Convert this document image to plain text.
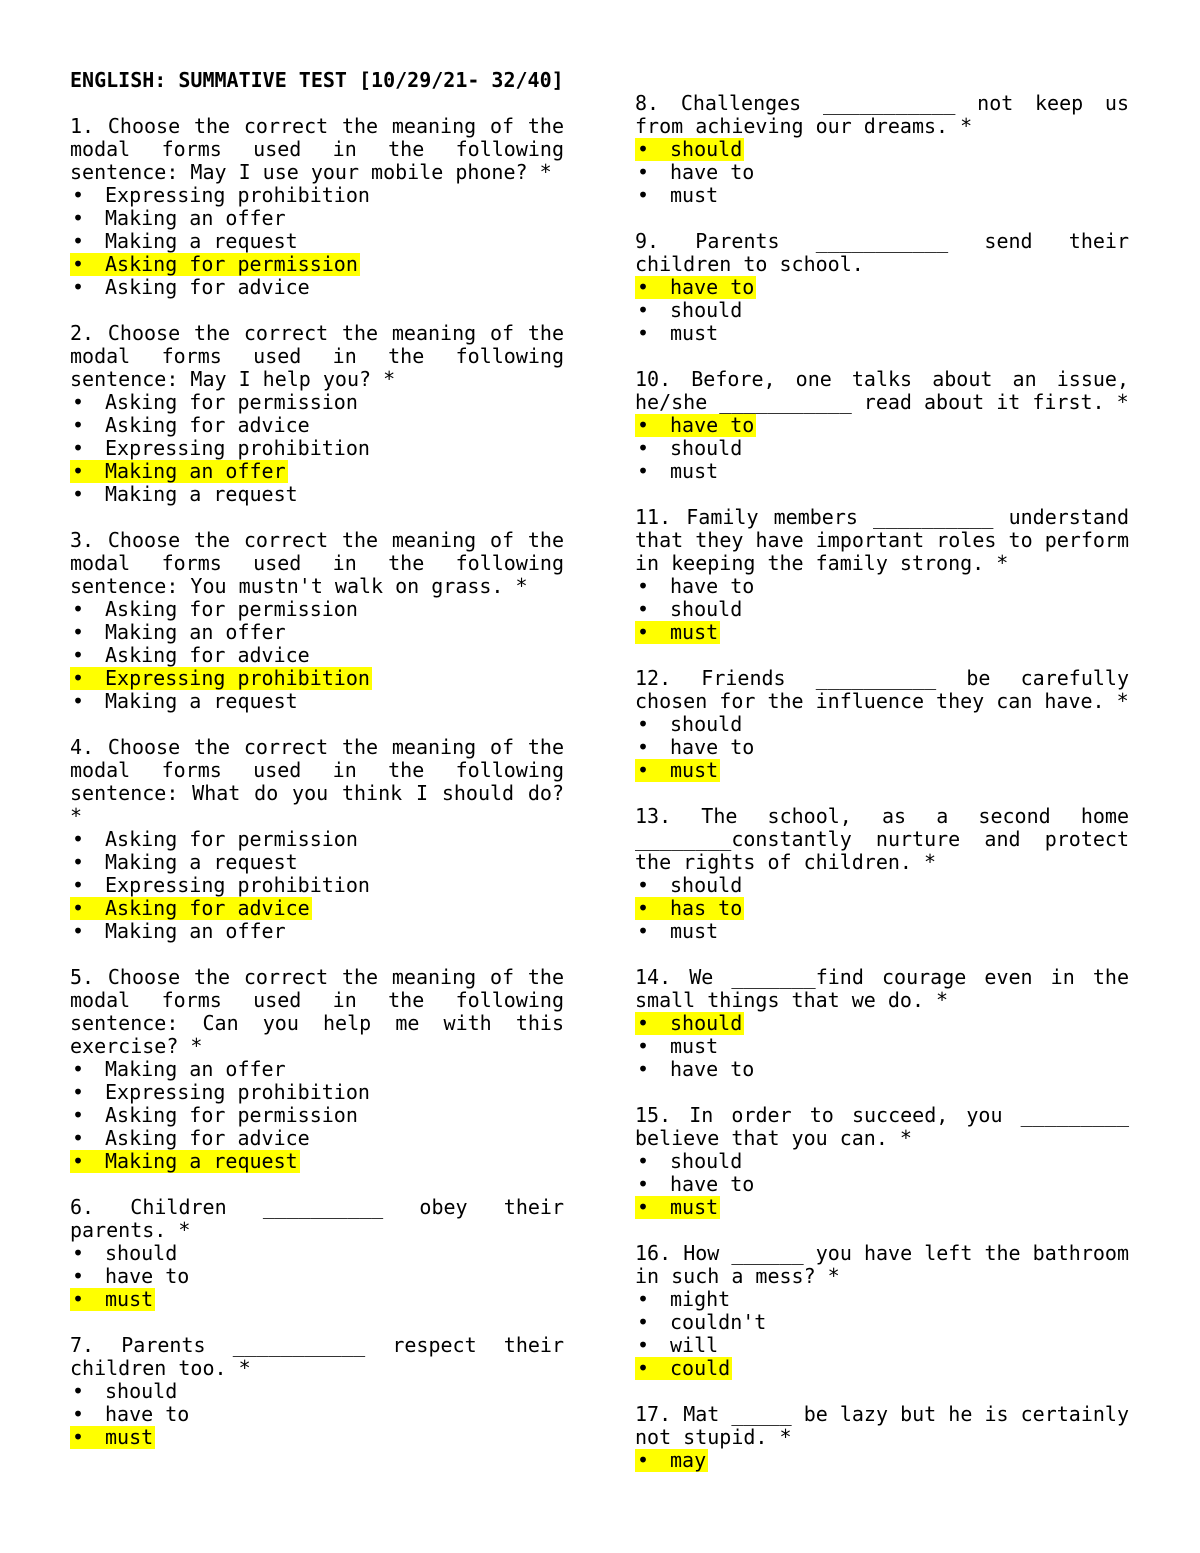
ENGLISH: SUMMATIVE TEST [10/29/21- 32/40]

1. Choose the correct the meaning of the modal forms used in the following sentence: May I use your mobile phone? *

•	Expressing prohibition
•	Making an offer
•	Making a request
•	Asking for permission
•	Asking for advice

2. Choose the correct the meaning of the modal forms used in the following sentence: May I help you? *

•	Asking for permission
•	Asking for advice
•	Expressing prohibition
•	Making an offer
•	Making a request

3. Choose the correct the meaning of the modal forms used in the following sentence: You mustn't walk on grass. *

•	Asking for permission
•	Making an offer
•	Asking for advice
•	Expressing prohibition
•	Making a request

4. Choose the correct the meaning of the modal forms used in the following sentence: What do you think I should do? *

•	Asking for permission
•	Making a request
•	Expressing prohibition
•	Asking for advice
•	Making an offer

5. Choose the correct the meaning of the modal forms used in the following sentence: Can you help me with this exercise? *

•	Making an offer
•	Expressing prohibition
•	Asking for permission
•	Asking for advice
•	Making a request

6. Children __________ obey their parents. *

•	should
•	have to
•	must

7. Parents ___________ respect their children too. *

•	should
•	have to
•	must

8. Challenges ___________ not keep us from achieving our dreams. *

•	should
•	have to
•	must

9. Parents ___________ send their children to school.

•	have to
•	should
•	must

10. Before, one talks about an issue, he/she ___________ read about it first. *

•	have to
•	should
•	must

11. Family members __________ understand that they have important roles to perform in keeping the family strong. *

•	have to
•	should
•	must

12. Friends __________ be carefully chosen for the influence they can have. *

•	should
•	have to
•	must

13. The school, as a second home ________constantly nurture and protect the rights of children. *

•	should
•	has to
•	must

14. We _______find courage even in the small things that we do. *

•	should
•	must
•	have to

15. In order to succeed, you _________ believe that you can. *

•	should
•	have to
•	must

16. How ______ you have left the bathroom in such a mess? *

•	might
•	couldn't
•	will
•	could

17. Mat _____ be lazy but he is certainly not stupid. *

•	may
